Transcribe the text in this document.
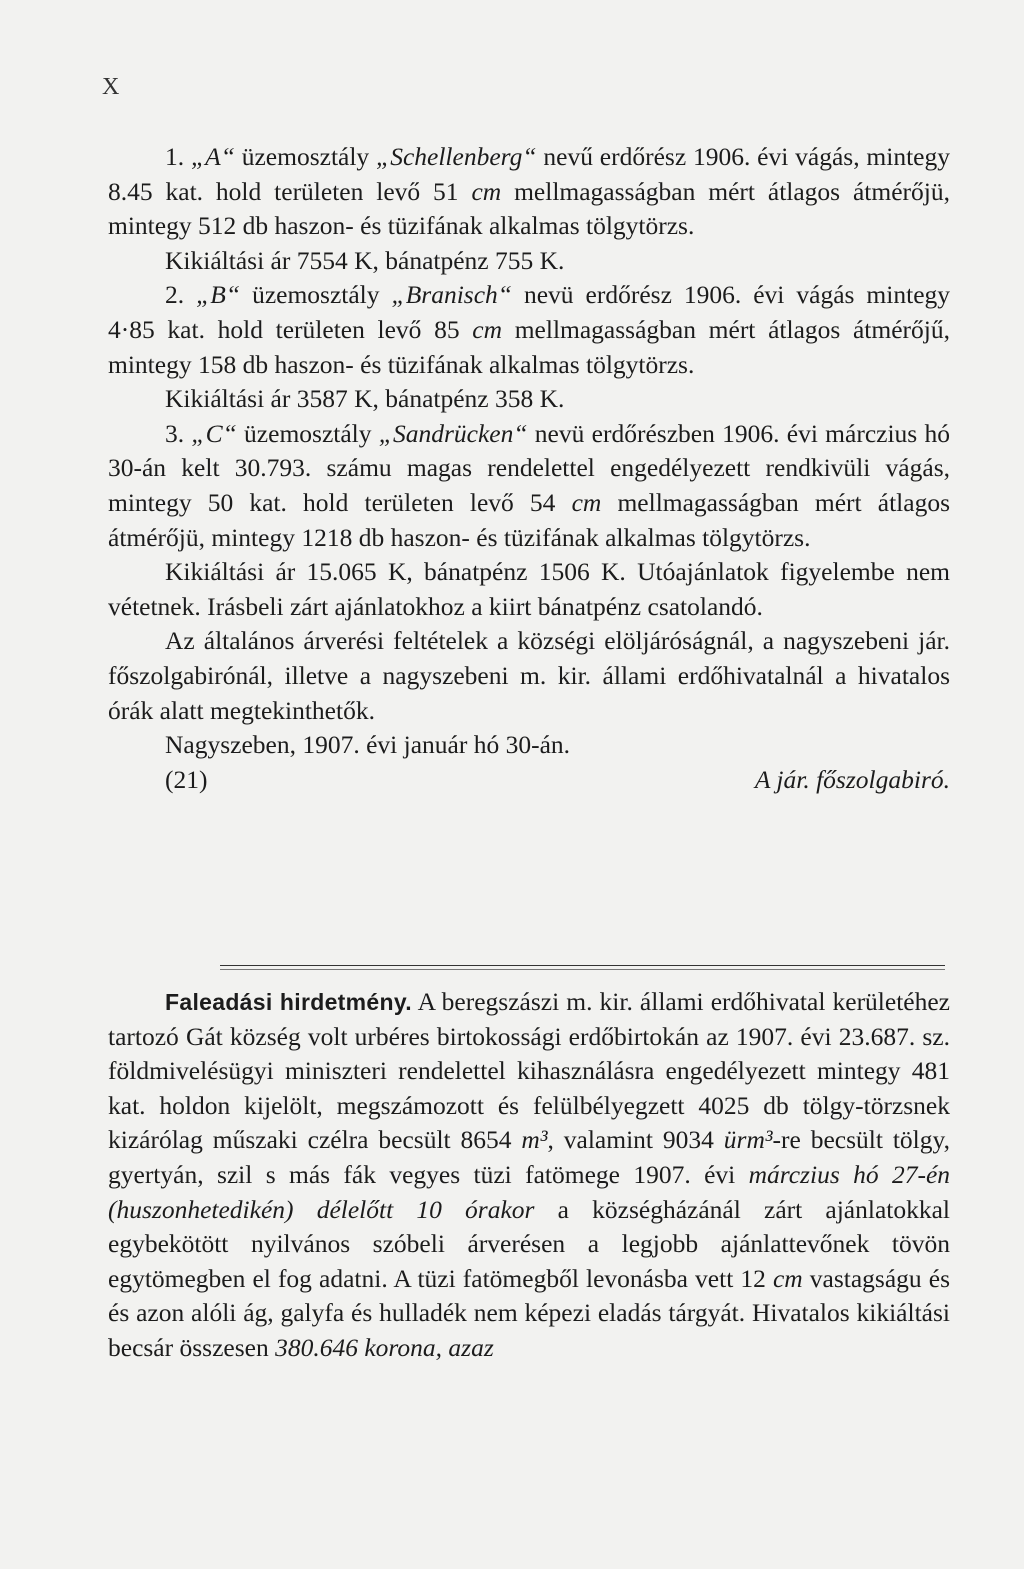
X

1. „A“ üzemosztály „Schellenberg“ nevű erdőrész 1906. évi vágás, mintegy 8.45 kat. hold területen levő 51 cm mellmagasságban mért átlagos átmérőjü, mintegy 512 db haszon- és tüzifának alkalmas tölgytörzs.

Kikiáltási ár 7554 K, bánatpénz 755 K.

2. „B“ üzemosztály „Branisch“ nevü erdőrész 1906. évi vágás mintegy 4·85 kat. hold területen levő 85 cm mellmagasságban mért átlagos átmérőjű, mintegy 158 db haszon- és tüzifának alkalmas tölgytörzs.

Kikiáltási ár 3587 K, bánatpénz 358 K.

3. „C“ üzemosztály „Sandrücken“ nevü erdőrészben 1906. évi márczius hó 30-án kelt 30.793. számu magas rendelettel engedélyezett rendkivüli vágás, mintegy 50 kat. hold területen levő 54 cm mellmagasságban mért átlagos átmérőjü, mintegy 1218 db haszon- és tüzifának alkalmas tölgytörzs.

Kikiáltási ár 15.065 K, bánatpénz 1506 K. Utóajánlatok figyelembe nem vétetnek. Irásbeli zárt ajánlatokhoz a kiirt bánatpénz csatolandó.

Az általános árverési feltételek a községi elöljáróságnál, a nagyszebeni jár. főszolgabirónál, illetve a nagyszebeni m. kir. állami erdőhivatalnál a hivatalos órák alatt megtekinthetők.

Nagyszeben, 1907. évi január hó 30-án.

(21)	A jár. főszolgabiró.

Faleadási hirdetmény. A beregszászi m. kir. állami erdőhivatal kerületéhez tartozó Gát község volt urbéres birtokossági erdőbirtokán az 1907. évi 23.687. sz. földmivelésügyi miniszteri rendelettel kihasználásra engedélyezett mintegy 481 kat. holdon kijelölt, megszámozott és felülbélyegzett 4025 db tölgy-törzsnek kizárólag műszaki czélra becsült 8654 m³, valamint 9034 ürm³-re becsült tölgy, gyertyán, szil s más fák vegyes tüzi fatömege 1907. évi márczius hó 27-én (huszonhetedikén) délelőtt 10 órakor a községházánál zárt ajánlatokkal egybekötött nyilvános szóbeli árverésen a legjobb ajánlattevőnek tövön egytömegben el fog adatni. A tüzi fatömegből levonásba vett 12 cm vastagságu és és azon alóli ág, galyfa és hulladék nem képezi eladás tárgyát. Hivatalos kikiáltási becsár összesen 380.646 korona, azaz
